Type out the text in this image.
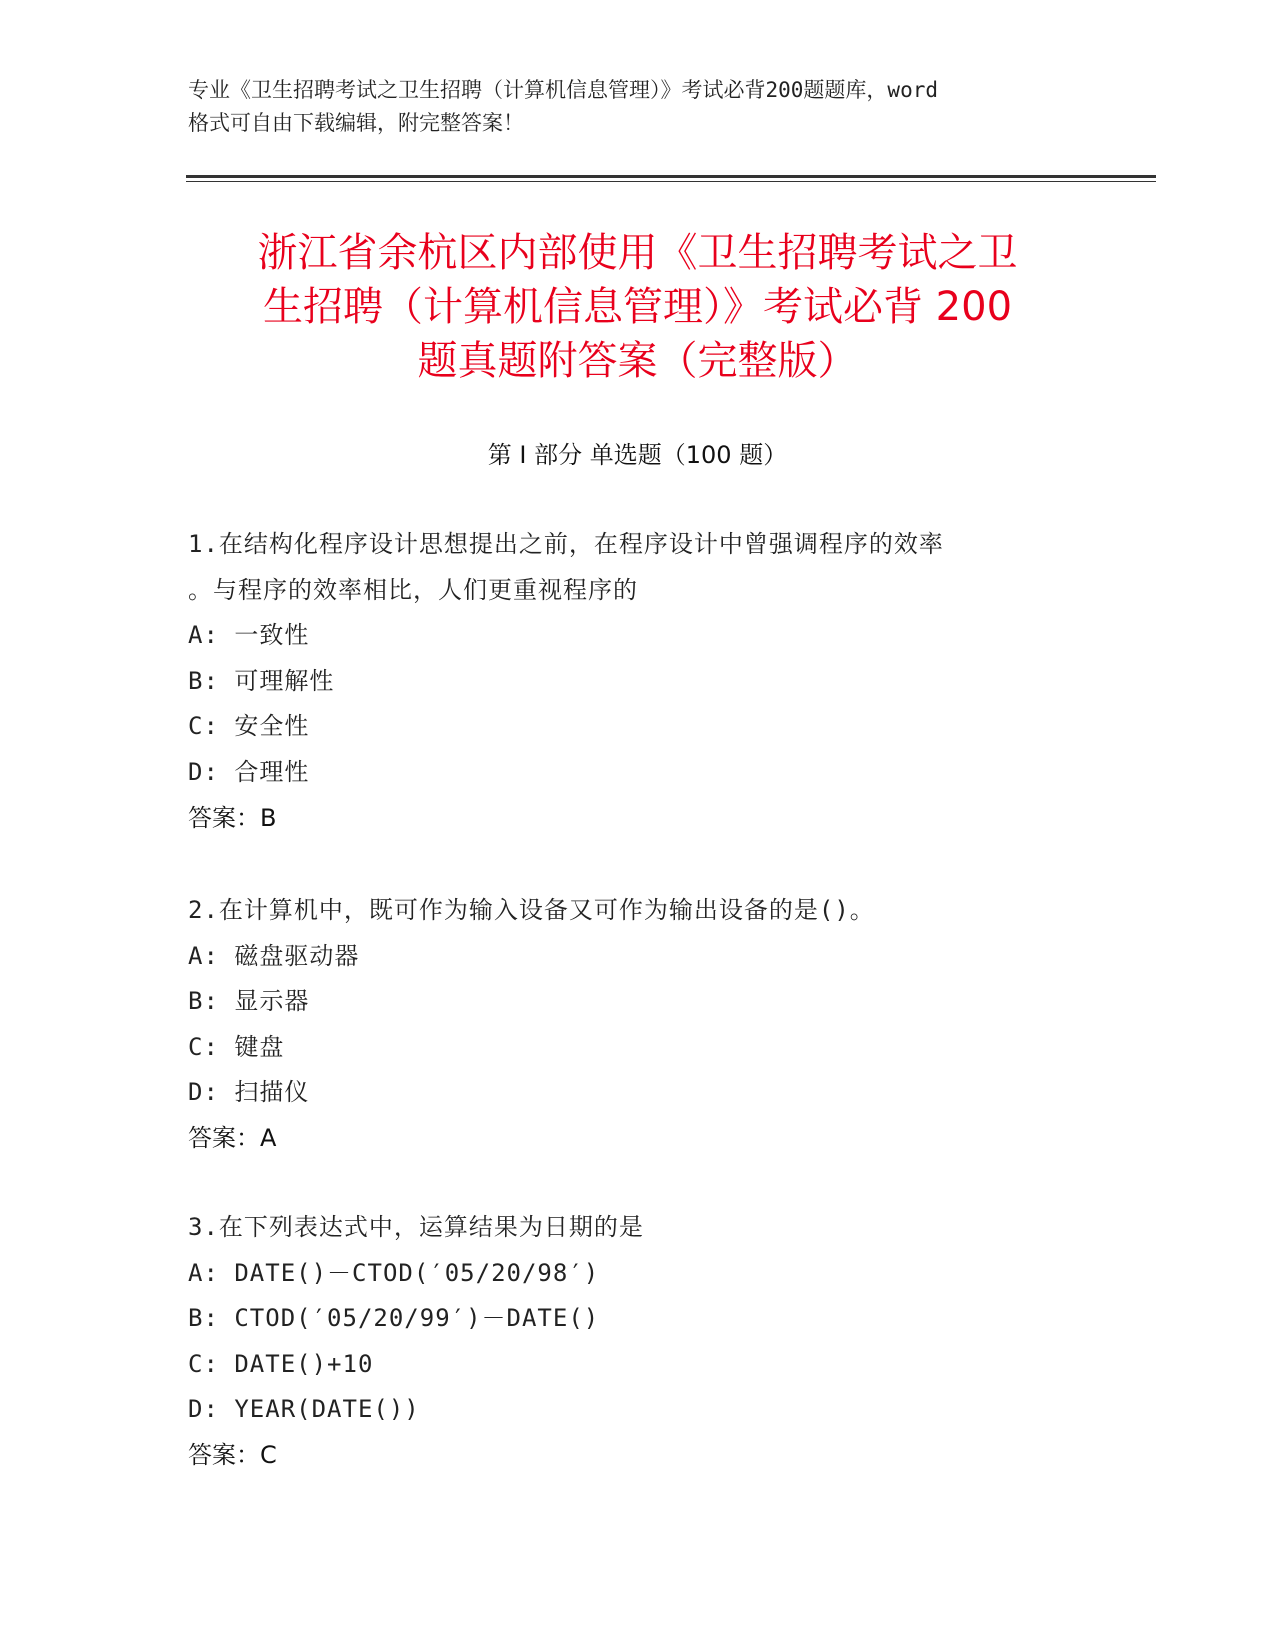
专业《卫生招聘考试之卫生招聘（计算机信息管理）》考试必背200题题库，word
格式可自由下载编辑，附完整答案！
浙江省余杭区内部使用《卫生招聘考试之卫
生招聘（计算机信息管理）》考试必背 200
题真题附答案（完整版）
第 I 部分 单选题（100 题）
1.在结构化程序设计思想提出之前，在程序设计中曾强调程序的效率
。与程序的效率相比，人们更重视程序的
A: 一致性
B: 可理解性
C: 安全性
D: 合理性
答案：B
2.在计算机中，既可作为输入设备又可作为输出设备的是()。
A: 磁盘驱动器
B: 显示器
C: 键盘
D: 扫描仪
答案：A
3.在下列表达式中，运算结果为日期的是
A: DATE()－CTOD(′05/20/98′)
B: CTOD(′05/20/99′)－DATE()
C: DATE()+10
D: YEAR(DATE())
答案：C
